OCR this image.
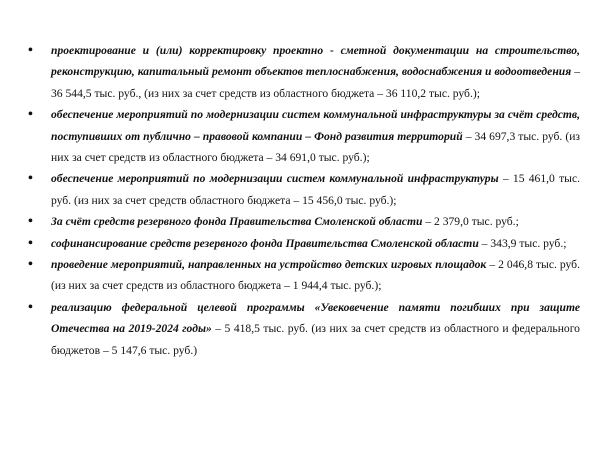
• проектирование и (или) корректировку проектно - сметной документации на строительство, реконструкцию, капитальный ремонт объектов теплоснабжения, водоснабжения и водоотведения – 36 544,5 тыс. руб., (из них за счет средств из областного бюджета – 36 110,2 тыс. руб.);
• обеспечение мероприятий по модернизации систем коммунальной инфраструктуры за счёт средств, поступивших от публично – правовой компании – Фонд развития территорий – 34 697,3 тыс. руб. (из них за счет средств из областного бюджета – 34 691,0 тыс. руб.);
• обеспечение мероприятий по модернизации систем коммунальной инфраструктуры – 15 461,0 тыс. руб. (из них за счет средств областного бюджета – 15 456,0 тыс. руб.);
• За счёт средств резервного фонда Правительства Смоленской области – 2 379,0 тыс. руб.;
• софинансирование средств резервного фонда Правительства Смоленской области – 343,9 тыс. руб.;
• проведение мероприятий, направленных на устройство детских игровых площадок – 2 046,8 тыс. руб. (из них за счет средств из областного бюджета – 1 944,4 тыс. руб.);
• реализацию федеральной целевой программы «Увековечение памяти погибших при защите Отечества на 2019-2024 годы» – 5 418,5 тыс. руб. (из них за счет средств из областного и федерального бюджетов – 5 147,6 тыс. руб.)
